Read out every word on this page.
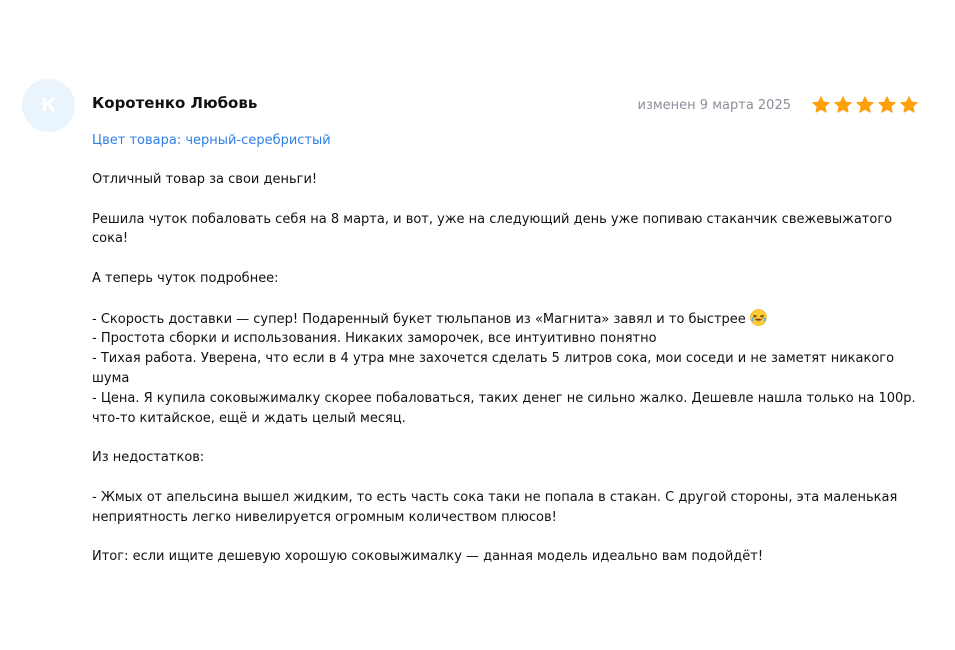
К Коротенко Любовь	изменен 9 марта 2025
Цвет товара: черный-серебристый

Отличный товар за свои деньги!

Решила чуток побаловать себя на 8 марта, и вот, уже на следующий день уже попиваю стаканчик свежевыжатого сока!

А теперь чуток подробнее:

- Скорость доставки — супер! Подаренный букет тюльпанов из «Магнита» завял и то быстрее

- Простота сборки и использования. Никаких заморочек, все интуитивно понятно

- Тихая работа. Уверена, что если в 4 утра мне захочется сделать 5 литров сока, мои соседи и не заметят никакого шума

- Цена. Я купила соковыжималку скорее побаловаться, таких денег не сильно жалко. Дешевле нашла только на 100р. что-то китайское, ещё и ждать целый месяц.

Из недостатков:

- Жмых от апельсина вышел жидким, то есть часть сока таки не попала в стакан. С другой стороны, эта маленькая неприятность легко нивелируется огромным количеством плюсов!

Итог: если ищите дешевую хорошую соковыжималку — данная модель идеально вам подойдёт!
